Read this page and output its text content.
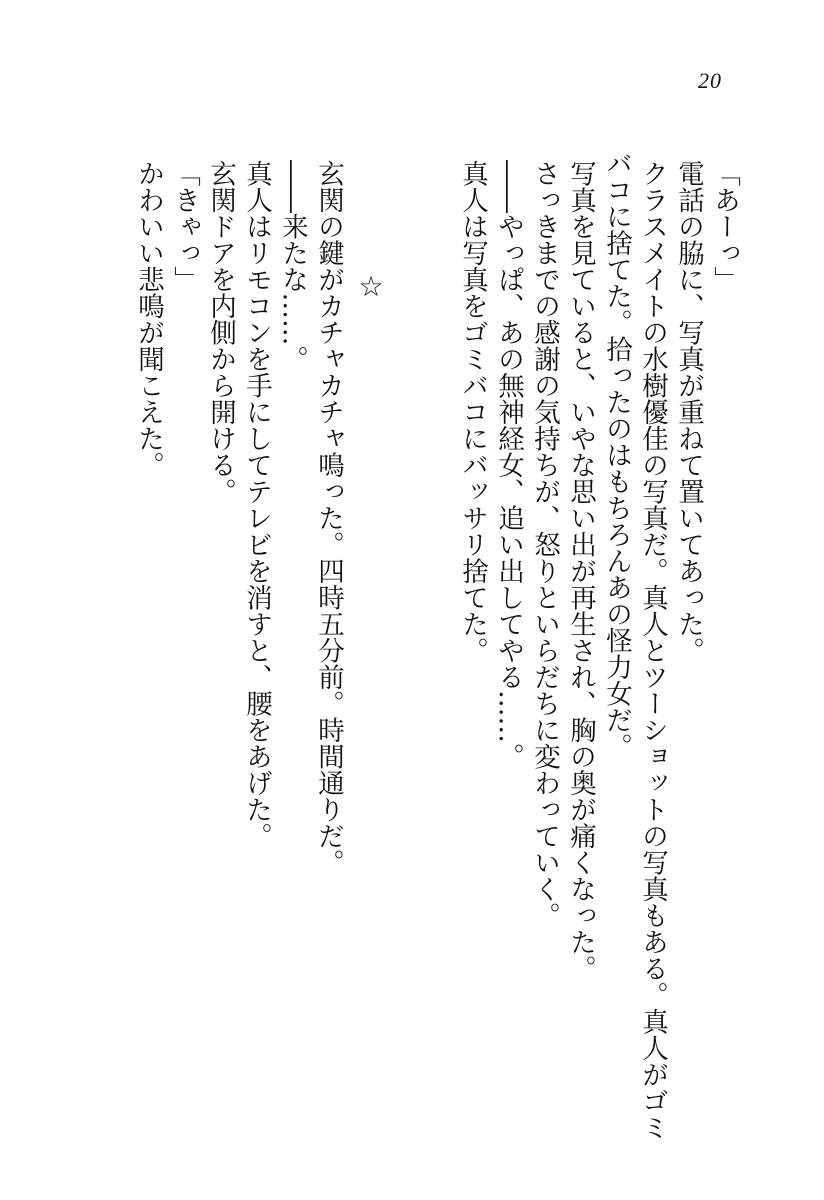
20
「あーっ」
電話の脇に、写真が重ねて置いてあった。
クラスメイトの水樹優佳の写真だ。真人とツーショットの写真もある。真人がゴミ
バコに捨てた。拾ったのはもちろんあの怪力女だ。
写真を見ていると、いやな思い出が再生され、胸の奥が痛くなった。
さっきまでの感謝の気持ちが、怒りといらだちに変わっていく。
――やっぱ、あの無神経女、追い出してやる……。
真人は写真をゴミバコにバッサリ捨てた。
☆
玄関の鍵がカチャカチャ鳴った。四時五分前。時間通りだ。
――来たな……。
真人はリモコンを手にしてテレビを消すと、腰をあげた。
玄関ドアを内側から開ける。
「きゃっ」
かわいい悲鳴が聞こえた。
